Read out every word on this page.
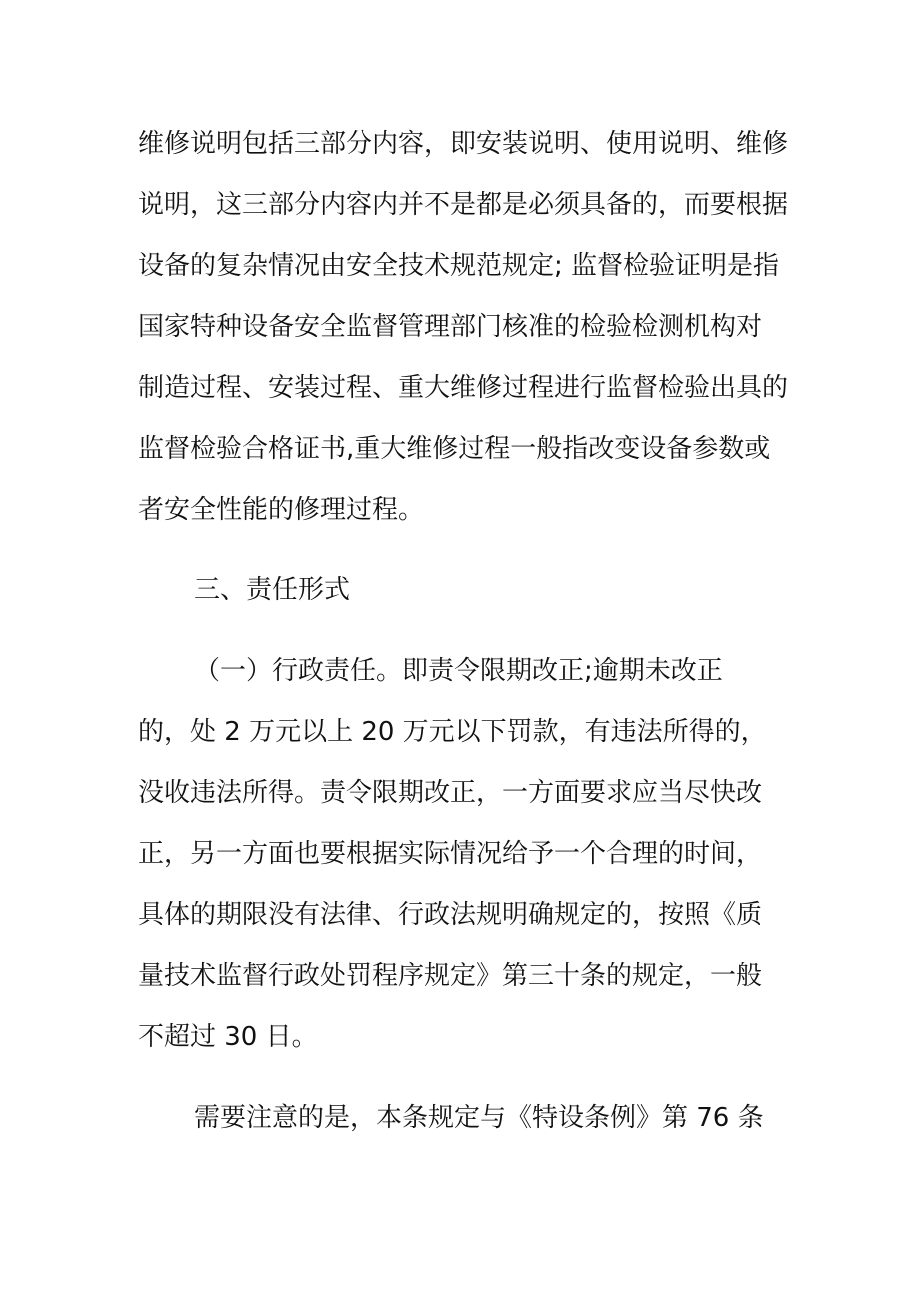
维修说明包括三部分内容，即安装说明、使用说明、维修
说明，这三部分内容内并不是都是必须具备的，而要根据
设备的复杂情况由安全技术规范规定; 监督检验证明是指
国家特种设备安全监督管理部门核准的检验检测机构对
制造过程、安装过程、重大维修过程进行监督检验出具的
监督检验合格证书,重大维修过程一般指改变设备参数或
者安全性能的修理过程。
三、责任形式
（一）行政责任。即责令限期改正;逾期未改正
的，处 2 万元以上 20 万元以下罚款，有违法所得的，
没收违法所得。责令限期改正，一方面要求应当尽快改
正，另一方面也要根据实际情况给予一个合理的时间，
具体的期限没有法律、行政法规明确规定的，按照《质
量技术监督行政处罚程序规定》第三十条的规定，一般
不超过 30 日。
需要注意的是，本条规定与《特设条例》第 76 条
